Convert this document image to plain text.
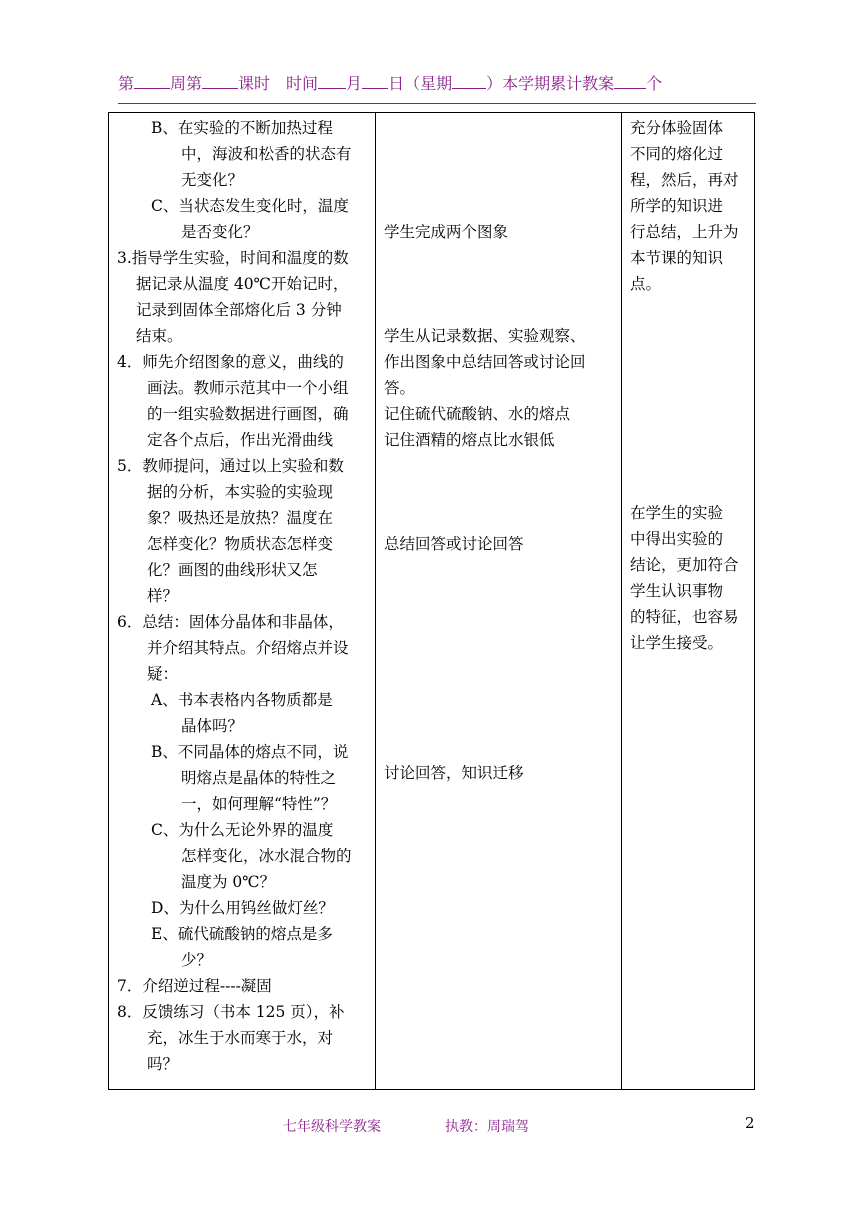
第 周第 课时　时间 月 日（星期 ）本学期累计教案 个
B、在实验的不断加热过程
中，海波和松香的状态有
无变化？
C、当状态发生变化时，温度
是否变化？
3.指导学生实验，时间和温度的数
据记录从温度 40℃开始记时，
记录到固体全部熔化后 3 分钟
结束。
4．师先介绍图象的意义，曲线的
画法。教师示范其中一个小组
的一组实验数据进行画图，确
定各个点后，作出光滑曲线
5．教师提问，通过以上实验和数
据的分析，本实验的实验现
象？吸热还是放热？温度在
怎样变化？物质状态怎样变
化？画图的曲线形状又怎
样？
6．总结：固体分晶体和非晶体，
并介绍其特点。介绍熔点并设
疑：
A、书本表格内各物质都是
晶体吗？
B、不同晶体的熔点不同，说
明熔点是晶体的特性之
一，如何理解“特性”？
C、为什么无论外界的温度
怎样变化，冰水混合物的
温度为 0℃？
D、为什么用钨丝做灯丝？
E、硫代硫酸钠的熔点是多
少？
7．介绍逆过程----凝固
8．反馈练习（书本 125 页），补
充，冰生于水而寒于水，对
吗？
学生完成两个图象
学生从记录数据、实验观察、
作出图象中总结回答或讨论回
答。
记住硫代硫酸钠、水的熔点
记住酒精的熔点比水银低
总结回答或讨论回答
讨论回答，知识迁移
充分体验固体
不同的熔化过
程，然后，再对
所学的知识进
行总结，上升为
本节课的知识
点。
在学生的实验
中得出实验的
结论，更加符合
学生认识事物
的特征，也容易
让学生接受。
七年级科学教案	执教：周瑞驾	2
